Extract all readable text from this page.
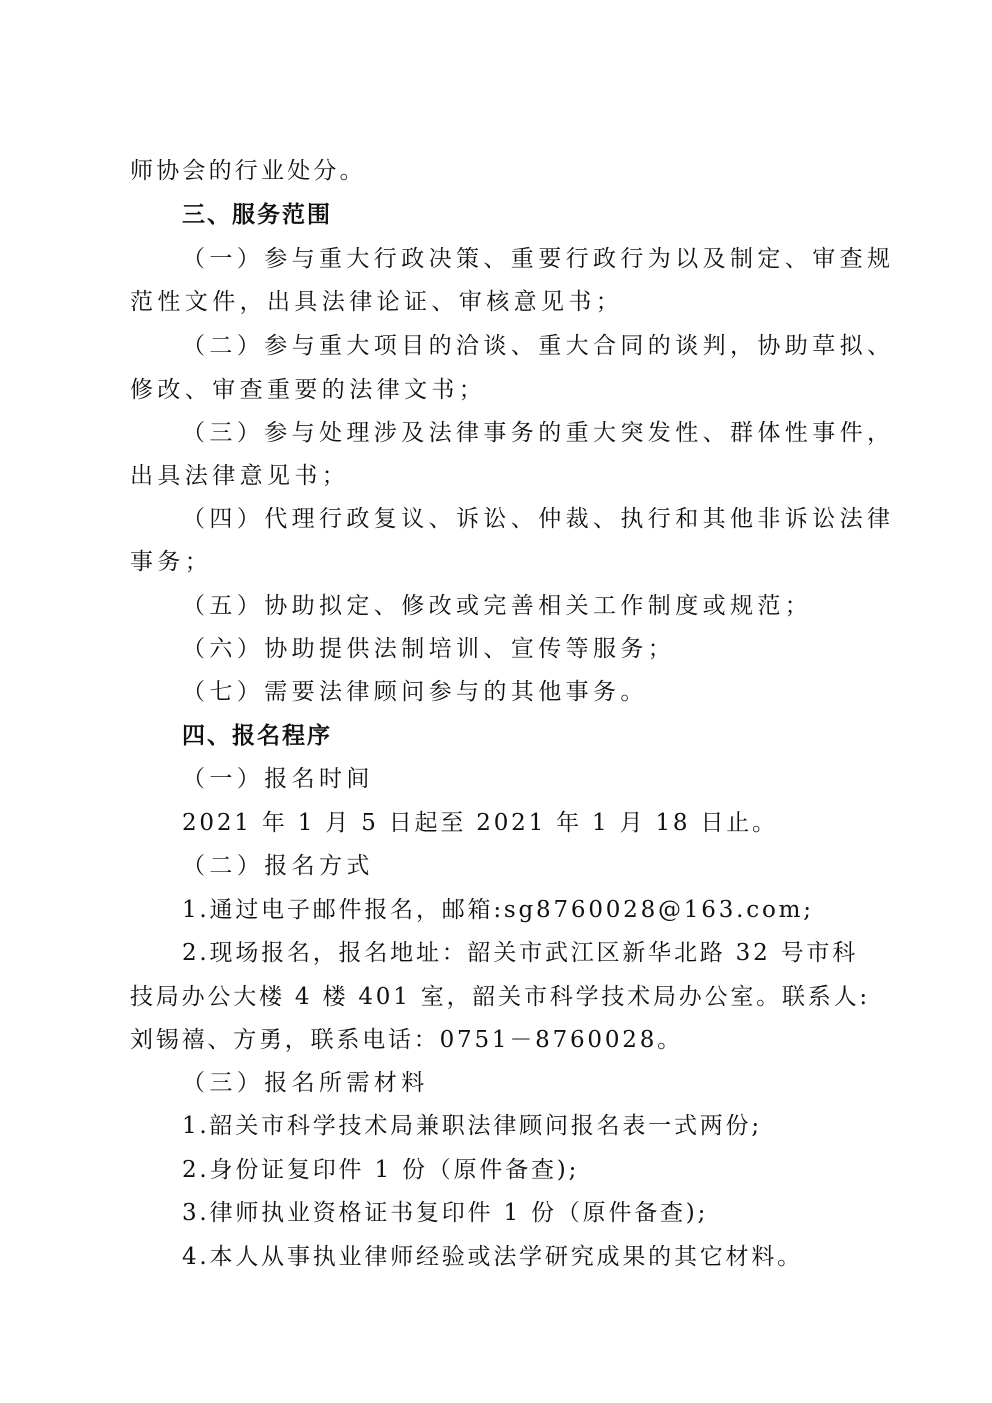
师协会的行业处分。
三、服务范围
（一）参与重大行政决策、重要行政行为以及制定、审查规
范性文件，出具法律论证、审核意见书；
（二）参与重大项目的洽谈、重大合同的谈判，协助草拟、
修改、审查重要的法律文书；
（三）参与处理涉及法律事务的重大突发性、群体性事件，
出具法律意见书；
（四）代理行政复议、诉讼、仲裁、执行和其他非诉讼法律
事务；
（五）协助拟定、修改或完善相关工作制度或规范；
（六）协助提供法制培训、宣传等服务；
（七）需要法律顾问参与的其他事务。
四、报名程序
（一）报名时间
2021 年 1 月 5 日起至 2021 年 1 月 18 日止。
（二）报名方式
1.通过电子邮件报名，邮箱:sg8760028@163.com;
2.现场报名，报名地址：韶关市武江区新华北路 32 号市科
技局办公大楼 4 楼 401 室，韶关市科学技术局办公室。联系人:
刘锡禧、方勇，联系电话：0751－8760028。
（三）报名所需材料
1.韶关市科学技术局兼职法律顾问报名表一式两份;
2.身份证复印件 1 份（原件备查);
3.律师执业资格证书复印件 1 份（原件备查);
4.本人从事执业律师经验或法学研究成果的其它材料。
